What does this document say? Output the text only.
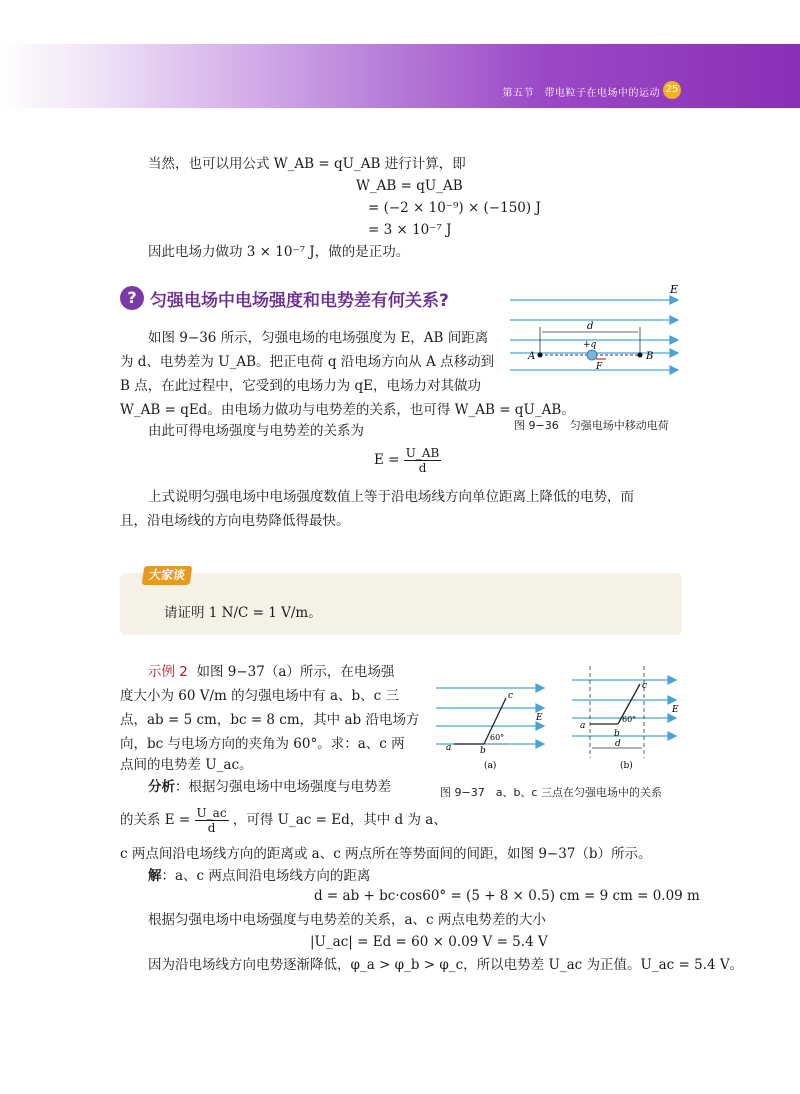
第五节　带电粒子在电场中的运动 25
当然，也可以用公式 W_AB = qU_AB 进行计算，即
W_AB = qU_AB
= (−2 × 10⁻⁹) × (−150) J
= 3 × 10⁻⁷ J
因此电场力做功 3 × 10⁻⁷ J，做的是正功。
? 匀强电场中电场强度和电势差有何关系?
如图 9−36 所示，匀强电场的电场强度为 E，AB 间距离
为 d、电势差为 U_AB。把正电荷 q 沿电场方向从 A 点移动到
B 点，在此过程中，它受到的电场力为 qE，电场力对其做功
W_AB = qEd。由电场力做功与电势差的关系，也可得 W_AB = qU_AB。
由此可得电场强度与电势差的关系为
$E = \frac{U\_AB}{d}$
上式说明匀强电场中电场强度数值上等于沿电场线方向单位距离上降低的电势，而
且，沿电场线的方向电势降低得最快。
E
d
+q
A	B
F
图 9−36　匀强电场中移动电荷
大家谈
请证明 1 N/C = 1 V/m。
示例 2 如图 9−37（a）所示，在电场强
度大小为 60 V/m 的匀强电场中有 a、b、c 三
点，ab = 5 cm，bc = 8 cm，其中 ab 沿电场方
向，bc 与电场方向的夹角为 60°。求：a、c 两
点间的电势差 U_ac。
分析：根据匀强电场中电场强度与电势差
的关系 $E = \frac{U\_ac}{d}$ ，可得 U_ac = Ed，其中 d 为 a、
c 两点间沿电场线方向的距离或 a、c 两点所在等势面间的间距，如图 9−37（b）所示。
解：a、c 两点间沿电场线方向的距离
d = ab + bc·cos60° = (5 + 8 × 0.5) cm = 9 cm = 0.09 m
根据匀强电场中电场强度与电势差的关系，a、c 两点电势差的大小
|U_ac| = Ed = 60 × 0.09 V = 5.4 V
因为沿电场线方向电势逐渐降低，φ_a > φ_b > φ_c，所以电势差 U_ac 为正值。U_ac = 5.4 V。
a	b
c
60°
E
(a)
a
b
c
60°
E
d
(b)
图 9−37　a、b、c 三点在匀强电场中的关系
